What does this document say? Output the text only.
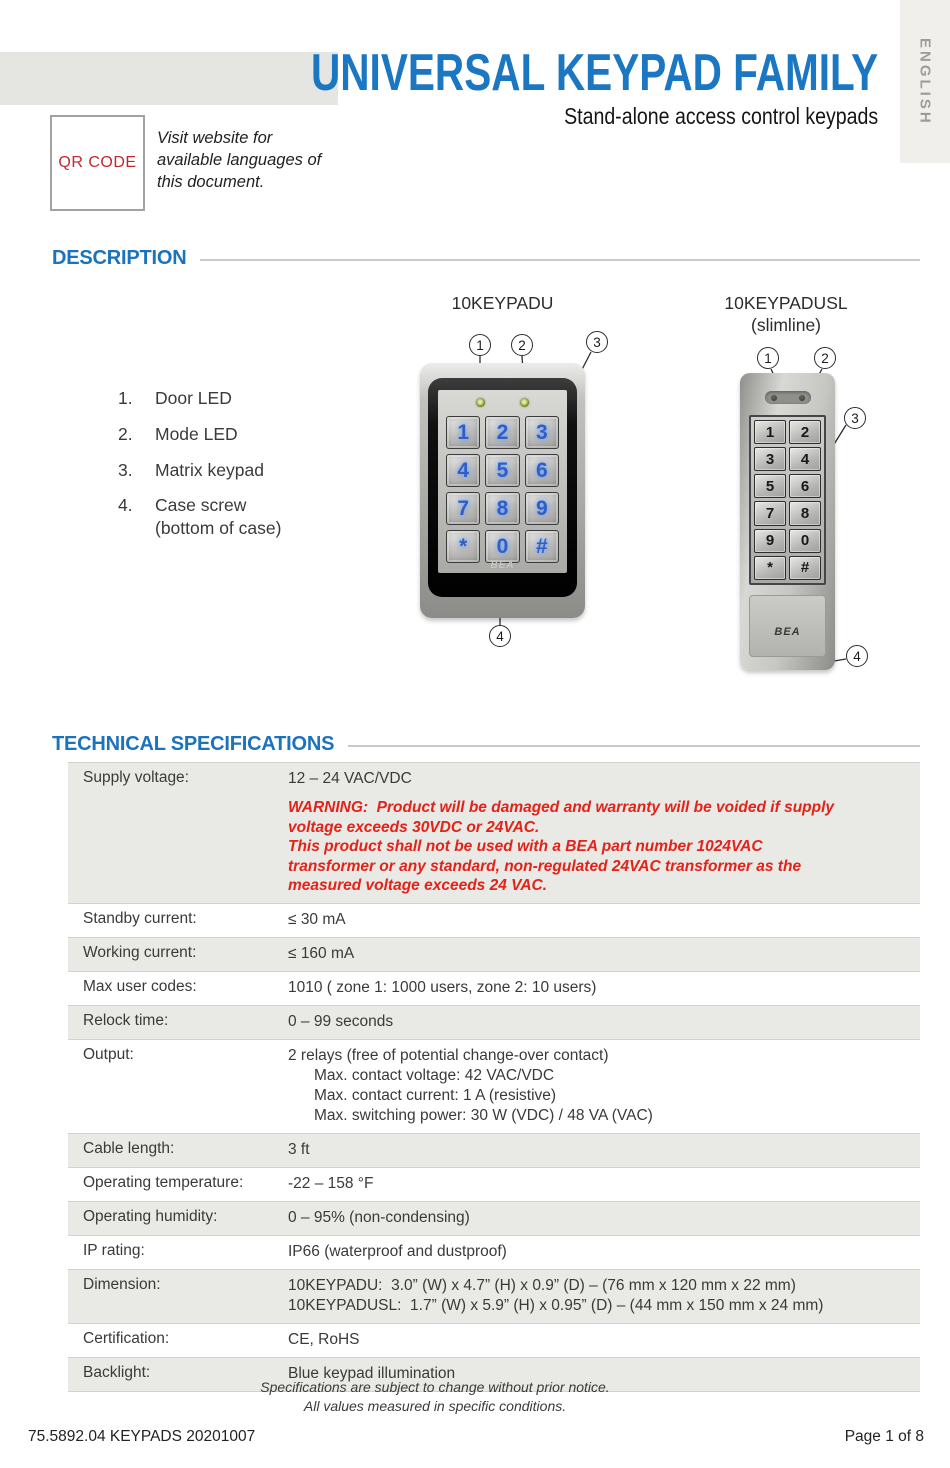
ENGLISH
UNIVERSAL KEYPAD FAMILY
Stand-alone access control keypads
QR CODE
Visit website for available languages of this document.
DESCRIPTION
1.	Door LED
2.	Mode LED
3.	Matrix keypad
4.	Case screw
(bottom of case)
10KEYPADU
1	2	3
4	5	6
7	8	9
*	0	#
BEA
10KEYPADUSL
(slimline)
1	2
3	4
5	6
7	8
9	0
*	#
BEA
1	2	3
4
1	2
3
4
TECHNICAL SPECIFICATIONS
Supply voltage:	12 – 24 VAC/VDC
WARNING:  Product will be damaged and warranty will be voided if supply voltage exceeds 30VDC or 24VAC.
This product shall not be used with a BEA part number 1024VAC transformer or any standard, non-regulated 24VAC transformer as the measured voltage exceeds 24 VAC.
Standby current:	≤ 30 mA
Working current:	≤ 160 mA
Max user codes:	1010 ( zone 1: 1000 users, zone 2: 10 users)
Relock time:	0 – 99 seconds
Output:	2 relays (free of potential change-over contact)
Max. contact voltage: 42 VAC/VDC
Max. contact current: 1 A (resistive)
Max. switching power: 30 W (VDC) / 48 VA (VAC)
Cable length:	3 ft
Operating temperature:	-22 – 158 °F
Operating humidity:	0 – 95% (non-condensing)
IP rating:	IP66 (waterproof and dustproof)
Dimension:	10KEYPADU:  3.0” (W) x 4.7” (H) x 0.9” (D) – (76 mm x 120 mm x 22 mm)
10KEYPADUSL:  1.7” (W) x 5.9” (H) x 0.95” (D) – (44 mm x 150 mm x 24 mm)
Certification:	CE, RoHS
Backlight:	Blue keypad illumination
Specifications are subject to change without prior notice.
All values measured in specific conditions.
75.5892.04 KEYPADS 20201007	Page 1 of 8
